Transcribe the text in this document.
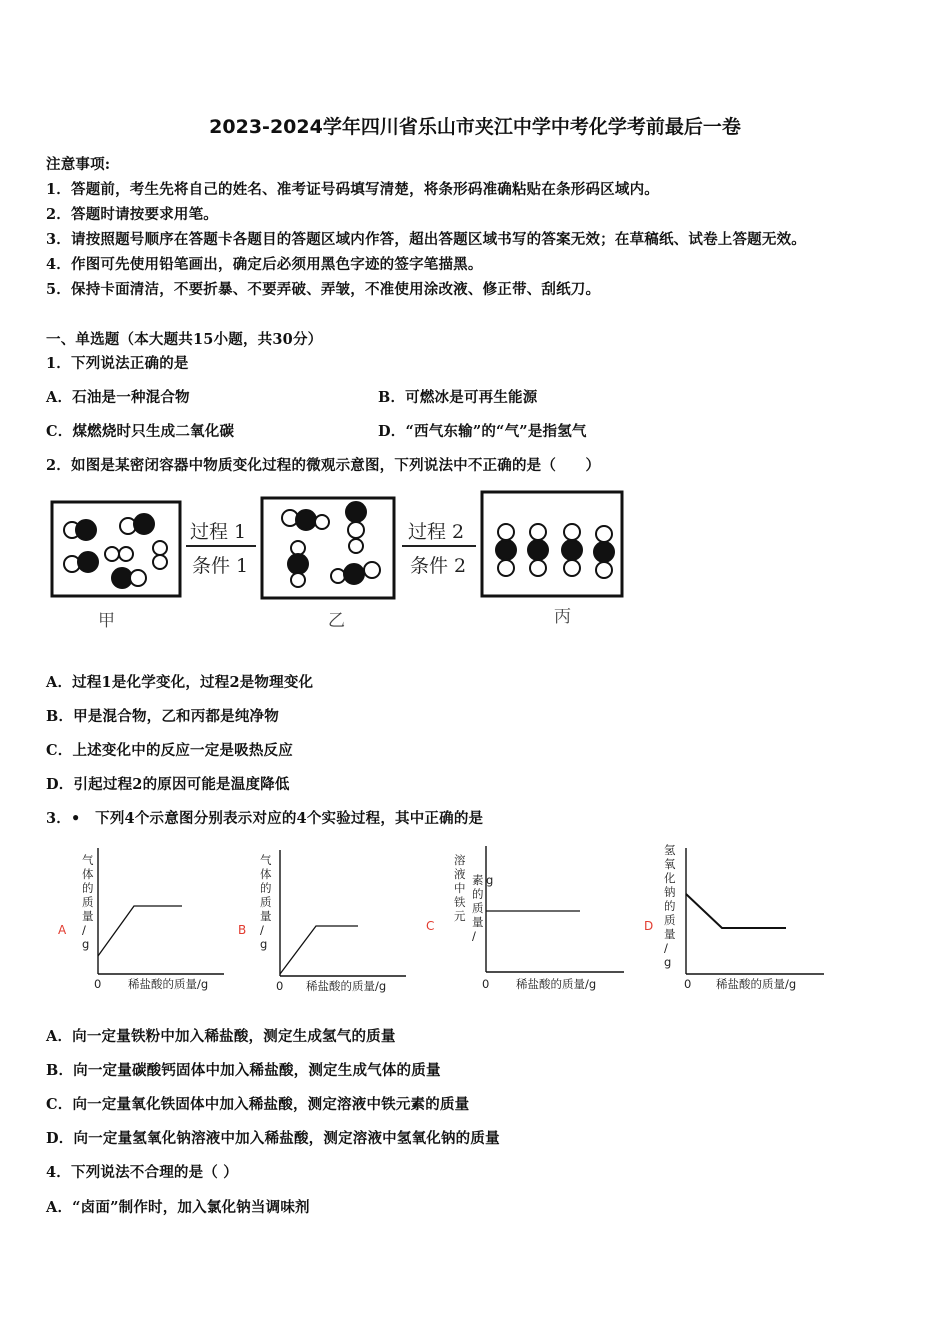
2023-2024学年四川省乐山市夹江中学中考化学考前最后一卷
注意事项:
1．答题前，考生先将自己的姓名、准考证号码填写清楚，将条形码准确粘贴在条形码区域内。
2．答题时请按要求用笔。
3．请按照题号顺序在答题卡各题目的答题区域内作答，超出答题区域书写的答案无效；在草稿纸、试卷上答题无效。
4．作图可先使用铅笔画出，确定后必须用黑色字迹的签字笔描黑。
5．保持卡面清洁，不要折暴、不要弄破、弄皱，不准使用涂改液、修正带、刮纸刀。
一、单选题（本大题共15小题，共30分）
1．下列说法正确的是
A．石油是一种混合物	B．可燃冰是可再生能源
C．煤燃烧时只生成二氧化碳	D．“西气东输”的“气”是指氢气
2．如图是某密闭容器中物质变化过程的微观示意图，下列说法中不正确的是（　　）
过程 1
条件 1
过程 2
条件 2
甲	乙	丙
A．过程1是化学变化，过程2是物理变化
B．甲是混合物，乙和丙都是纯净物
C．上述变化中的反应一定是吸热反应
D．引起过程2的原因可能是温度降低
3．•　下列4个示意图分别表示对应的4个实验过程，其中正确的是
气体的质量/ g
A
0 稀盐酸的质量/g
气体的质量/ g
B
0 稀盐酸的质量/g
溶液中铁元
素的质量/g
C
0 稀盐酸的质量/g
氢氧化钠的质量/ g
D
0 稀盐酸的质量/g
A．向一定量铁粉中加入稀盐酸，测定生成氢气的质量
B．向一定量碳酸钙固体中加入稀盐酸，测定生成气体的质量
C．向一定量氧化铁固体中加入稀盐酸，测定溶液中铁元素的质量
D．向一定量氢氧化钠溶液中加入稀盐酸，测定溶液中氢氧化钠的质量
4．下列说法不合理的是（ ）
A．“卤面”制作时，加入氯化钠当调味剂
